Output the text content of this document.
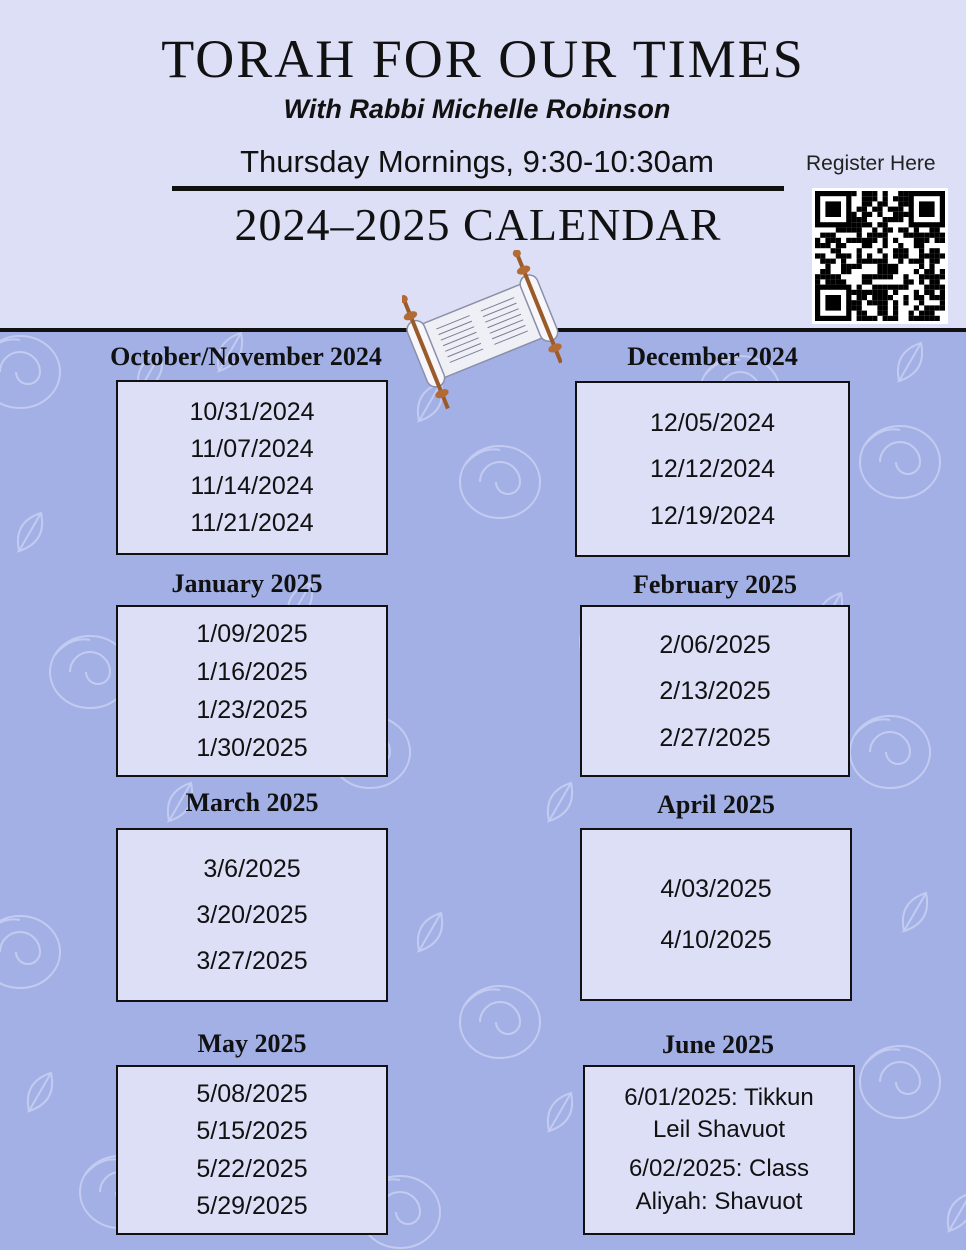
TORAH FOR OUR TIMES
With Rabbi Michelle Robinson
Thursday Mornings, 9:30-10:30am
2024–2025 CALENDAR
Register Here
October/November 2024
10/31/2024
11/07/2024
11/14/2024
11/21/2024
December 2024
12/05/2024
12/12/2024
12/19/2024
January 2025
1/09/2025
1/16/2025
1/23/2025
1/30/2025
February 2025
2/06/2025
2/13/2025
2/27/2025
March 2025
3/6/2025
3/20/2025
3/27/2025
April 2025
4/03/2025
4/10/2025
May 2025
5/08/2025
5/15/2025
5/22/2025
5/29/2025
June 2025
6/01/2025: Tikkun Leil Shavuot
6/02/2025: Class Aliyah: Shavuot
